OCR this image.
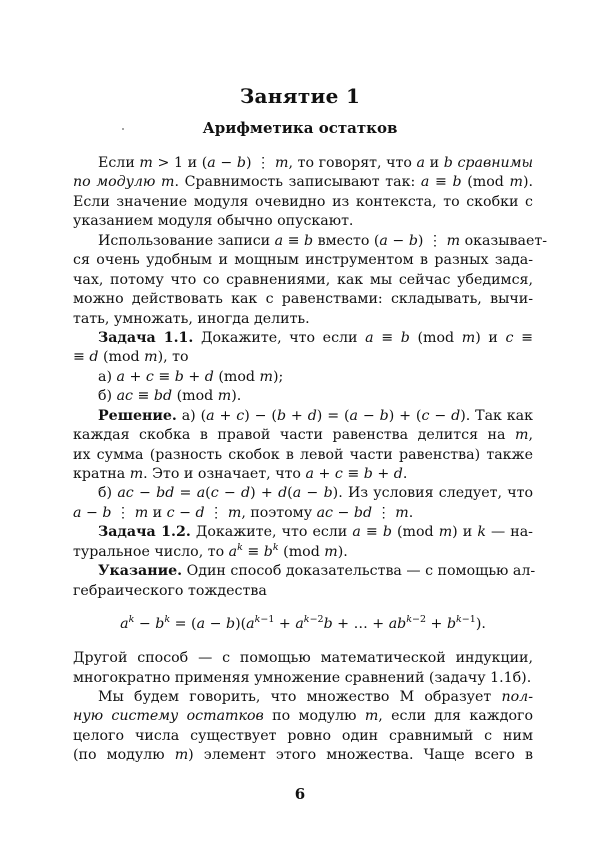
Занятие 1
Арифметика остатков
Если m > 1 и (a − b) ⋮ m, то говорят, что a и b сравнимы
по модулю m. Сравнимость записывают так: a ≡ b (mod m).
Если значение модуля очевидно из контекста, то скобки с
указанием модуля обычно опускают.
Использование записи a ≡ b вместо (a − b) ⋮ m оказывает-
ся очень удобным и мощным инструментом в разных зада-
чах, потому что со сравнениями, как мы сейчас убедимся,
можно действовать как с равенствами: складывать, вычи-
тать, умножать, иногда делить.
Задача 1.1. Докажите, что если a ≡ b (mod m) и c ≡
≡ d (mod m), то
а) a + c ≡ b + d (mod m);
б) ac ≡ bd (mod m).
Решение. а) (a + c) − (b + d) = (a − b) + (c − d). Так как
каждая скобка в правой части равенства делится на m,
их сумма (разность скобок в левой части равенства) также
кратна m. Это и означает, что a + c ≡ b + d.
б) ac − bd = a(c − d) + d(a − b). Из условия следует, что
a − b ⋮ m и c − d ⋮ m, поэтому ac − bd ⋮ m.
Задача 1.2. Докажите, что если a ≡ b (mod m) и k — на-
туральное число, то $a^k \equiv b^k$ (mod m).
Указание. Один способ доказательства — с помощью ал-
гебраического тождества
$a^k - b^k = (a - b)(a^{k-1} + a^{k-2}b$ + … + $ab^{k-2} + b^{k-1}$).
Другой способ — с помощью математической индукции,
многократно применяя умножение сравнений (задачу 1.1б).
Мы будем говорить, что множество M образует пол-
ную систему остатков по модулю m, если для каждого
целого числа существует ровно один сравнимый с ним
(по модулю m) элемент этого множества. Чаще всего в
6
